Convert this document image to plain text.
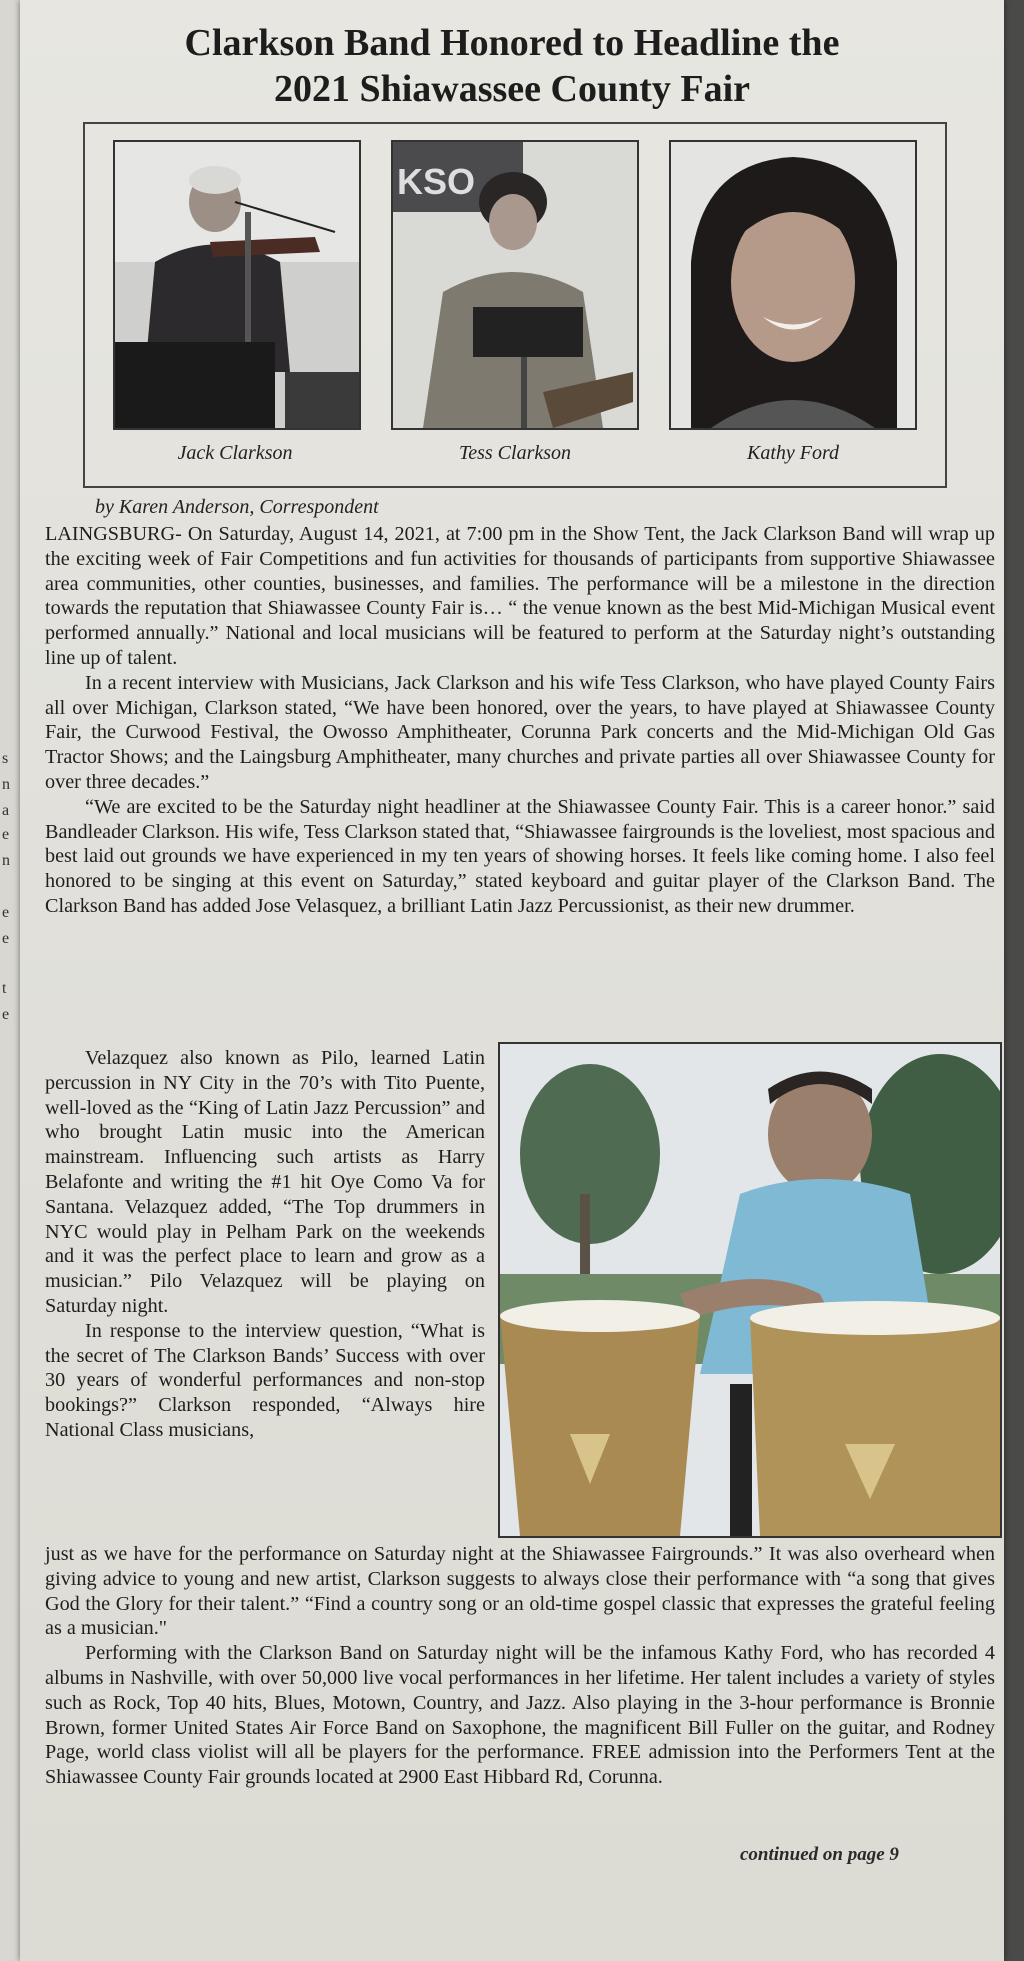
s
n
a
e
n
e
e
t
e
Clarkson Band Honored to Headline the
2021 Shiawassee County Fair
Jack Clarkson
KSO
Tess Clarkson	Kathy Ford

by Karen Anderson, Correspondent

LAINGSBURG- On Saturday, August 14, 2021, at 7:00 pm in the Show Tent, the Jack Clarkson Band will wrap up the exciting week of Fair Competitions and fun activities for thousands of participants from supportive Shiawassee area communities, other counties, businesses, and families. The performance will be a milestone in the direction towards the reputation that Shiawassee County Fair is… “ the venue known as the best Mid-Michigan Musical event performed annually.” National and local musicians will be featured to perform at the Saturday night’s outstanding line up of talent.

In a recent interview with Musicians, Jack Clarkson and his wife Tess Clarkson, who have played County Fairs all over Michigan, Clarkson stated, “We have been honored, over the years, to have played at Shiawassee County Fair, the Curwood Festival, the Owosso Amphitheater, Corunna Park concerts and the Mid-Michigan Old Gas Tractor Shows; and the Laingsburg Amphitheater, many churches and private parties all over Shiawassee County for over three decades.”

“We are excited to be the Saturday night headliner at the Shiawassee County Fair. This is a career honor.” said Bandleader Clarkson. His wife, Tess Clarkson stated that, “Shiawassee fairgrounds is the loveliest, most spacious and best laid out grounds we have experienced in my ten years of showing horses. It feels like coming home. I also feel honored to be singing at this event on Saturday,” stated keyboard and guitar player of the Clarkson Band. The Clarkson Band has added Jose Velasquez, a brilliant Latin Jazz Percussionist, as their new drummer.

Velazquez also known as Pilo, learned Latin percussion in NY City in the 70’s with Tito Puente, well-loved as the “King of Latin Jazz Percussion” and who brought Latin music into the American mainstream. Influencing such artists as Harry Belafonte and writing the #1 hit Oye Como Va for Santana. Velazquez added, “The Top drummers in NYC would play in Pelham Park on the weekends and it was the perfect place to learn and grow as a musician.” Pilo Velazquez will be playing on Saturday night.

In response to the interview question, “What is the secret of The Clarkson Bands’ Success with over 30 years of wonderful performances and non-stop bookings?” Clarkson responded, “Always hire National Class musicians,

just as we have for the performance on Saturday night at the Shiawassee Fairgrounds.” It was also overheard when giving advice to young and new artist, Clarkson suggests to always close their performance with “a song that gives God the Glory for their talent.” “Find a country song or an old-time gospel classic that expresses the grateful feeling as a musician."

Performing with the Clarkson Band on Saturday night will be the infamous Kathy Ford, who has recorded 4 albums in Nashville, with over 50,000 live vocal performances in her lifetime. Her talent includes a variety of styles such as Rock, Top 40 hits, Blues, Motown, Country, and Jazz. Also playing in the 3-hour performance is Bronnie Brown, former United States Air Force Band on Saxophone, the magnificent Bill Fuller on the guitar, and Rodney Page, world class violist will all be players for the performance. FREE admission into the Performers Tent at the Shiawassee County Fair grounds located at 2900 East Hibbard Rd, Corunna.

continued on page 9
